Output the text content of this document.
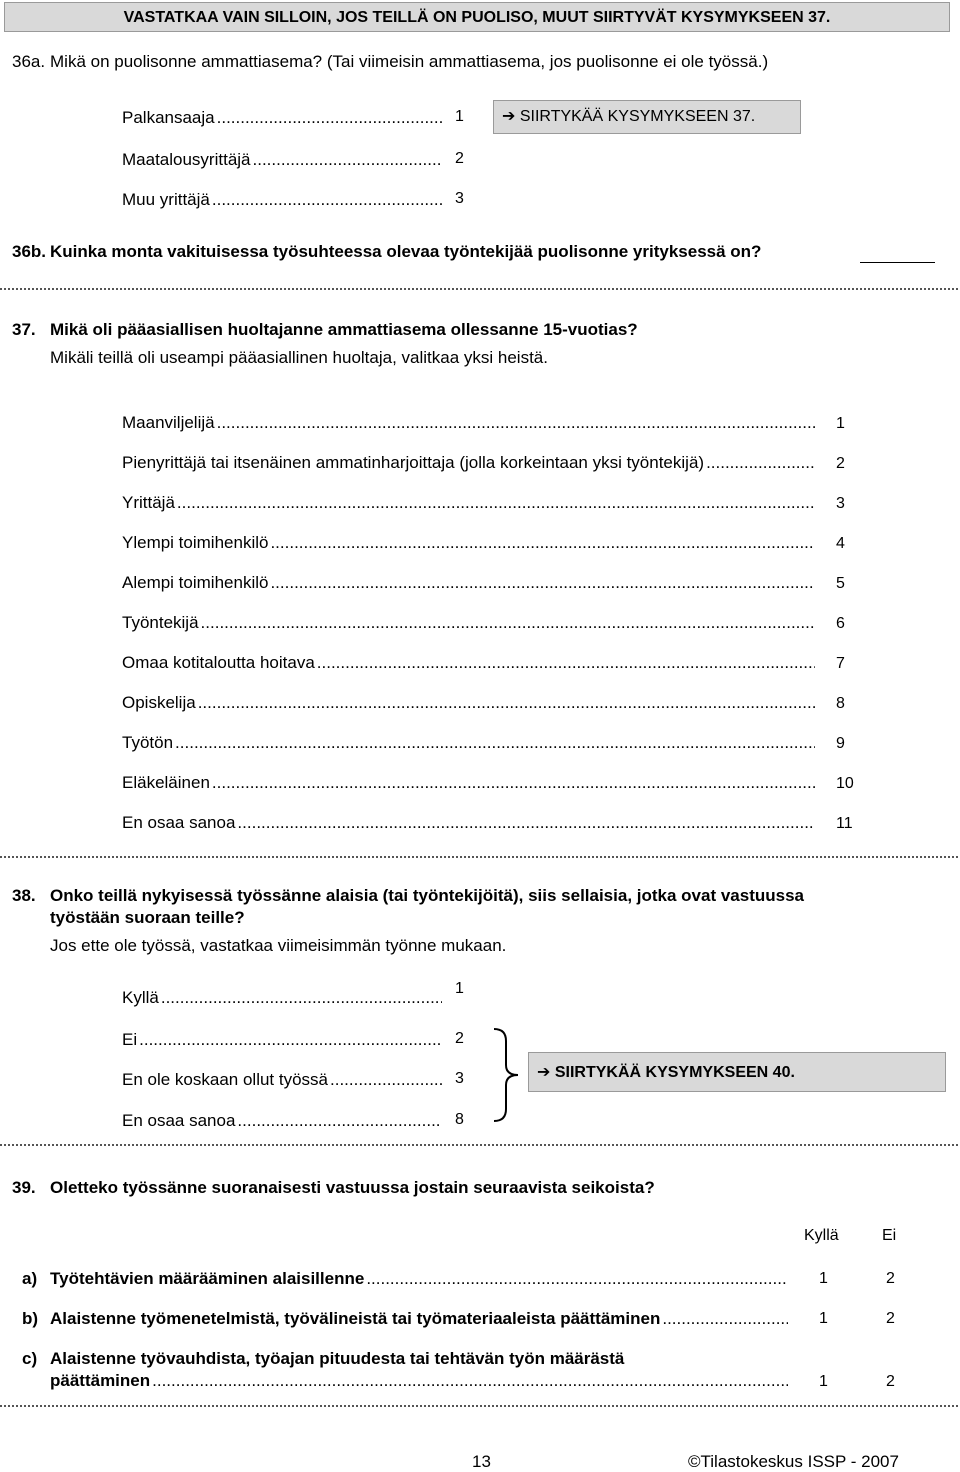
VASTATKAA VAIN SILLOIN, JOS TEILLÄ ON PUOLISO, MUUT SIIRTYVÄT KYSYMYKSEEN 37.
36a. Mikä on puolisonne ammattiasema? (Tai viimeisin ammattiasema, jos puolisonne ei ole työssä.)
Palkansaaja .....	1
Maatalousyrittäjä .....	2
Muu yrittäjä .....	3
➔ SIIRTYKÄÄ KYSYMYKSEEN 37.
36b. Kuinka monta vakituisessa työsuhteessa olevaa työntekijää puolisonne yrityksessä on?
37. Mikä oli pääasiallisen huoltajanne ammattiasema ollessanne 15-vuotias?
Mikäli teillä oli useampi pääasiallinen huoltaja, valitkaa yksi heistä.
Maanviljelijä .....	1
Pienyrittäjä tai itsenäinen ammatinharjoittaja (jolla korkeintaan yksi työntekijä) .....	2
Yrittäjä .....	3
Ylempi toimihenkilö .....	4
Alempi toimihenkilö .....	5
Työntekijä .....	6
Omaa kotitaloutta hoitava .....	7
Opiskelija .....	8
Työtön .....	9
Eläkeläinen .....	10
En osaa sanoa .....	11
38. Onko teillä nykyisessä työssänne alaisia (tai työntekijöitä), siis sellaisia, jotka ovat vastuussa
työstään suoraan teille?
Jos ette ole työssä, vastatkaa viimeisimmän työnne mukaan.
Kyllä .....	1
Ei .....	2
En ole koskaan ollut työssä .....	3
En osaa sanoa .....	8
➔ SIIRTYKÄÄ KYSYMYKSEEN 40.
39. Oletteko työssänne suoranaisesti vastuussa jostain seuraavista seikoista?
Kyllä	Ei
a) Työtehtävien määrääminen alaisillenne .....	1	2
b) Alaistenne työmenetelmistä, työvälineistä tai työmateriaaleista päättäminen .....	1	2
c) Alaistenne työvauhdista, työajan pituudesta tai tehtävän työn määrästä
päättäminen .....	1	2
13	©Tilastokeskus ISSP - 2007
